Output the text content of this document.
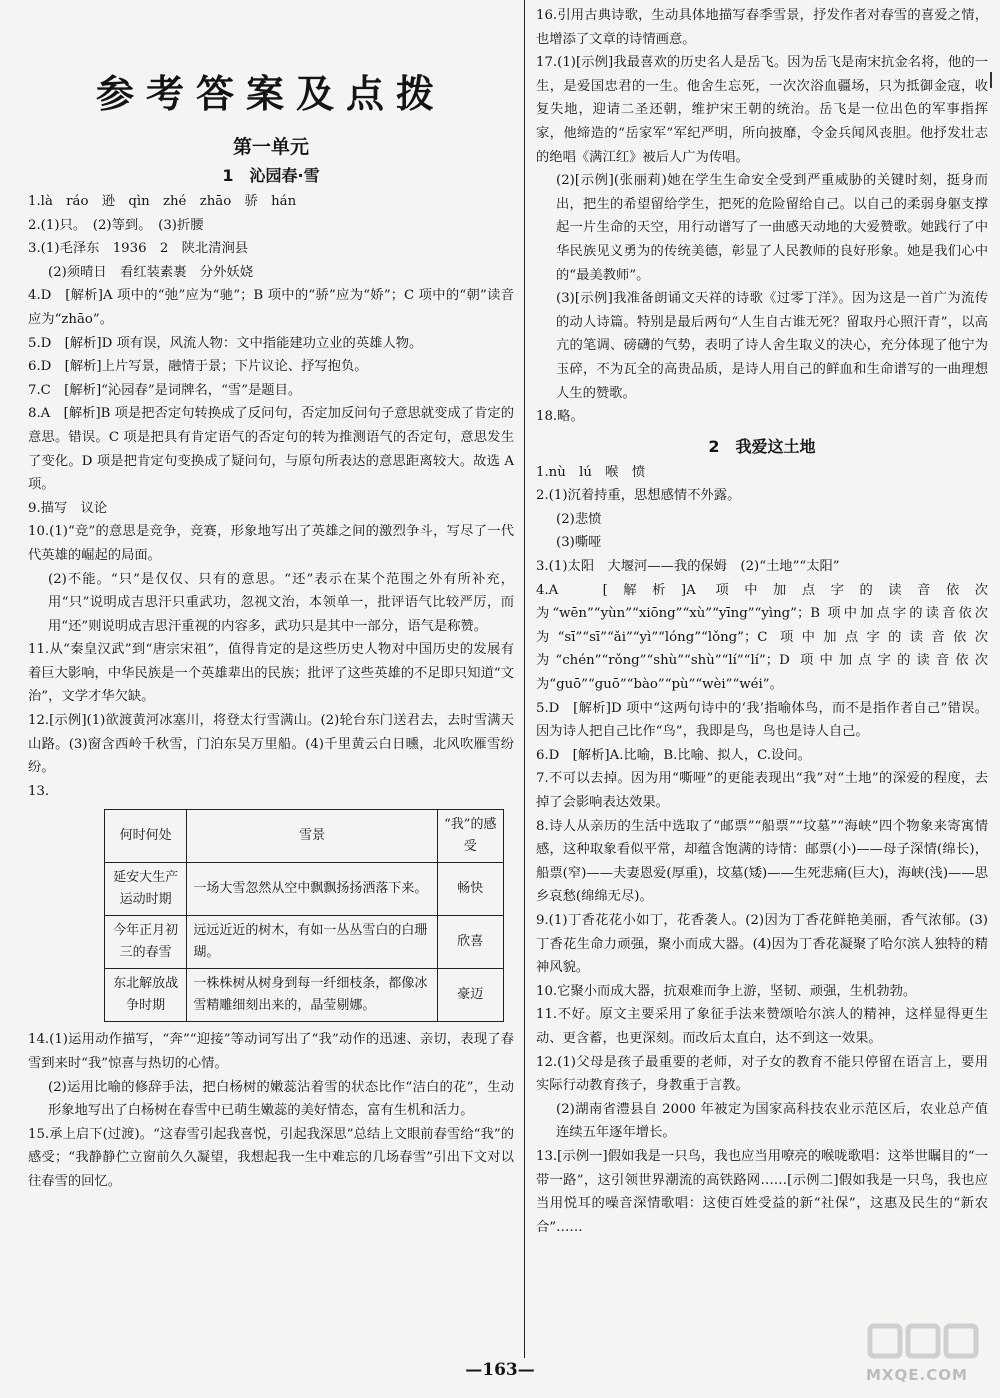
参考答案及点拨
第一单元
1　沁园春·雪

1.là　ráo　逊　qìn　zhé　zhāo　骄　hán

2.(1)只。　(2)等到。　(3)折腰

3.(1)毛泽东　1936　2　陕北清涧县

(2)须晴日　看红装素裹　分外妖娆

4.D　[解析]A 项中的“弛”应为“驰”；B 项中的“骄”应为“娇”；C 项中的“朝”读音应为“zhāo”。

5.D　[解析]D 项有误，风流人物：文中指能建功立业的英雄人物。

6.D　[解析]上片写景，融情于景；下片议论、抒写抱负。

7.C　[解析]“沁园春”是词牌名，“雪”是题目。

8.A　[解析]B 项是把否定句转换成了反问句，否定加反问句子意思就变成了肯定的意思。错误。C 项是把具有肯定语气的否定句的转为推测语气的否定句，意思发生了变化。D 项是把肯定句变换成了疑问句，与原句所表达的意思距离较大。故选 A 项。

9.描写　议论

10.(1)“竞”的意思是竞争，竞赛，形象地写出了英雄之间的激烈争斗，写尽了一代代英雄的崛起的局面。

(2)不能。“只”是仅仅、只有的意思。“还”表示在某个范围之外有所补充，用“只”说明成吉思汗只重武功，忽视文治，本领单一，批评语气比较严厉，而用“还”则说明成吉思汗重视的内容多，武功只是其中一部分，语气是称赞。

11.从“秦皇汉武”到“唐宗宋祖”，值得肯定的是这些历史人物对中国历史的发展有着巨大影响，中华民族是一个英雄辈出的民族；批评了这些英雄的不足即只知道“文治”，文学才华欠缺。

12.[示例](1)欲渡黄河冰塞川，将登太行雪满山。(2)轮台东门送君去，去时雪满天山路。(3)窗含西岭千秋雪，门泊东吴万里船。(4)千里黄云白日曛，北风吹雁雪纷纷。

13.

何时何处	雪景	“我”的感受
延安大生产运动时期	一场大雪忽然从空中飘飘扬扬洒落下来。	畅快
今年正月初三的春雪	远远近近的树木，有如一丛丛雪白的白珊瑚。	欣喜
东北解放战争时期	一株株树从树身到每一纤细枝条，都像冰雪精雕细刻出来的，晶莹剔娜。	豪迈

14.(1)运用动作描写，“奔”“迎接”等动词写出了“我”动作的迅速、亲切，表现了春雪到来时“我”惊喜与热切的心情。

(2)运用比喻的修辞手法，把白杨树的嫩蕊沾着雪的状态比作“洁白的花”，生动形象地写出了白杨树在春雪中已萌生嫩蕊的美好情态，富有生机和活力。

15.承上启下(过渡)。“这春雪引起我喜悦，引起我深思”总结上文眼前春雪给“我”的感受；“我静静伫立窗前久久凝望，我想起我一生中难忘的几场春雪”引出下文对以往春雪的回忆。

16.引用古典诗歌，生动具体地描写春季雪景，抒发作者对春雪的喜爱之情，也增添了文章的诗情画意。

17.(1)[示例]我最喜欢的历史名人是岳飞。因为岳飞是南宋抗金名将，他的一生，是爱国忠君的一生。他舍生忘死，一次次浴血疆场，只为抵御金寇，收复失地，迎请二圣还朝，维护宋王朝的统治。岳飞是一位出色的军事指挥家，他缔造的“岳家军”军纪严明，所向披靡，令金兵闻风丧胆。他抒发壮志的绝唱《满江红》被后人广为传唱。

(2)[示例](张丽莉)她在学生生命安全受到严重威胁的关键时刻，挺身而出，把生的希望留给学生，把死的危险留给自己。以自己的柔弱身躯支撑起一片生命的天空，用行动谱写了一曲感天动地的大爱赞歌。她践行了中华民族见义勇为的传统美德，彰显了人民教师的良好形象。她是我们心中的“最美教师”。

(3)[示例]我准备朗诵文天祥的诗歌《过零丁洋》。因为这是一首广为流传的动人诗篇。特别是最后两句“人生自古谁无死？留取丹心照汗青”，以高亢的笔调、磅礴的气势，表明了诗人舍生取义的决心，充分体现了他宁为玉碎，不为瓦全的高贵品质，是诗人用自己的鲜血和生命谱写的一曲理想人生的赞歌。

18.略。

2　我爱这土地

1.nù　lú　喉　愤

2.(1)沉着持重，思想感情不外露。

(2)悲愤

(3)嘶哑

3.(1)太阳　大堰河——我的保姆　(2)“土地”“太阳”

4.A　[解析]A 项中加点字的读音依次为“wēn”“yùn”“xiōng”“xù”“yīng”“yìng”；B 项中加点字的读音依次为“sī”“sī”“ǎi”“yì”“lóng”“lǒng”；C 项中加点字的读音依次为“chén”“rǒng”“shù”“shù”“lí”“lí”；D 项中加点字的读音依次为“guō”“guō”“bào”“pù”“wèi”“wéi”。

5.D　[解析]D 项中“这两句诗中的‘我’指喻体鸟，而不是指作者自己”错误。因为诗人把自己比作“鸟”，我即是鸟，鸟也是诗人自己。

6.D　[解析]A.比喻，B.比喻、拟人，C.设问。

7.不可以去掉。因为用“嘶哑”的更能表现出“我”对“土地”的深爱的程度，去掉了会影响表达效果。

8.诗人从亲历的生活中选取了“邮票”“船票”“坟墓”“海峡”四个物象来寄寓情感，这种取象看似平常，却蕴含饱满的诗情：邮票(小)——母子深情(绵长)，船票(窄)——夫妻恩爱(厚重)，坟墓(矮)——生死悲痛(巨大)，海峡(浅)——思乡哀愁(绵绵无尽)。

9.(1)丁香花花小如丁，花香袭人。(2)因为丁香花鲜艳美丽，香气浓郁。(3)丁香花生命力顽强，聚小而成大器。(4)因为丁香花凝聚了哈尔滨人独特的精神风貌。

10.它聚小而成大器，抗艰难而争上游，坚韧、顽强，生机勃勃。

11.不好。原文主要采用了象征手法来赞颂哈尔滨人的精神，这样显得更生动、更含蓄，也更深刻。而改后太直白，达不到这一效果。

12.(1)父母是孩子最重要的老师，对子女的教育不能只停留在语言上，要用实际行动教育孩子，身教重于言教。

(2)湖南省澧县自 2000 年被定为国家高科技农业示范区后，农业总产值连续五年逐年增长。

13.[示例一]假如我是一只鸟，我也应当用嘹亮的喉咙歌唱：这举世瞩目的“一带一路”，这引领世界潮流的高铁路网……[示例二]假如我是一只鸟，我也应当用悦耳的噪音深情歌唱：这使百姓受益的新“社保”，这惠及民生的“新农合”……

—163—	MXQE.COM
